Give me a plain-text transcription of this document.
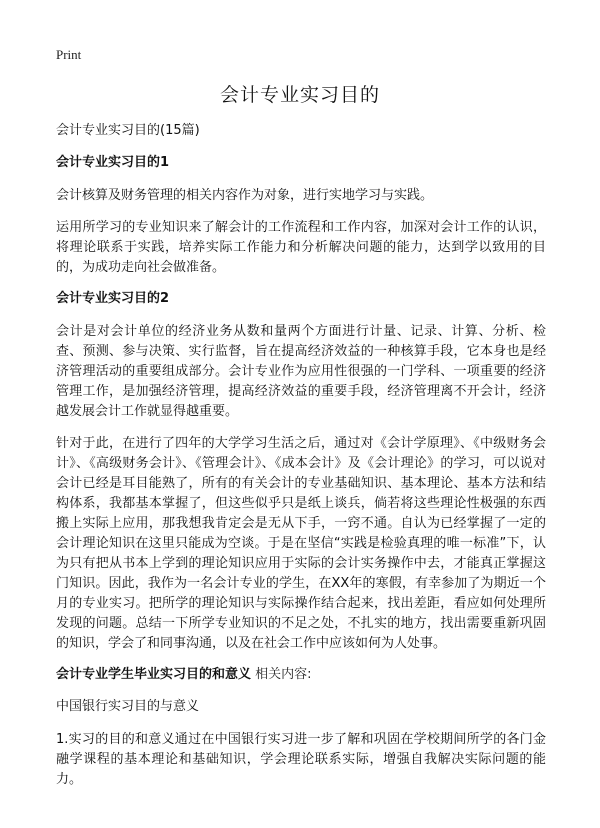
Print
会计专业实习目的
会计专业实习目的(15篇)
会计专业实习目的1

会计核算及财务管理的相关内容作为对象，进行实地学习与实践。

运用所学习的专业知识来了解会计的工作流程和工作内容，加深对会计工作的认识，将理论联系于实践，培养实际工作能力和分析解决问题的能力，达到学以致用的目的，为成功走向社会做准备。

会计专业实习目的2

会计是对会计单位的经济业务从数和量两个方面进行计量、记录、计算、分析、检查、预测、参与决策、实行监督，旨在提高经济效益的一种核算手段，它本身也是经济管理活动的重要组成部分。会计专业作为应用性很强的一门学科、一项重要的经济管理工作，是加强经济管理，提高经济效益的重要手段，经济管理离不开会计，经济越发展会计工作就显得越重要。

针对于此，在进行了四年的大学学习生活之后，通过对《会计学原理》、《中级财务会计》、《高级财务会计》、《管理会计》、《成本会计》及《会计理论》的学习，可以说对会计已经是耳目能熟了，所有的有关会计的专业基础知识、基本理论、基本方法和结构体系，我都基本掌握了，但这些似乎只是纸上谈兵，倘若将这些理论性极强的东西搬上实际上应用，那我想我肯定会是无从下手，一窍不通。自认为已经掌握了一定的会计理论知识在这里只能成为空谈。于是在坚信“实践是检验真理的唯一标准”下，认为只有把从书本上学到的理论知识应用于实际的会计实务操作中去，才能真正掌握这门知识。因此，我作为一名会计专业的学生，在XX年的寒假，有幸参加了为期近一个月的专业实习。把所学的理论知识与实际操作结合起来，找出差距，看应如何处理所发现的问题。总结一下所学专业知识的不足之处，不扎实的地方，找出需要重新巩固的知识，学会了和同事沟通，以及在社会工作中应该如何为人处事。

会计专业学生毕业实习目的和意义 相关内容:
中国银行实习目的与意义

1.实习的目的和意义通过在中国银行实习进一步了解和巩固在学校期间所学的各门金融学课程的基本理论和基础知识，学会理论联系实际，增强自我解决实际问题的能力。
